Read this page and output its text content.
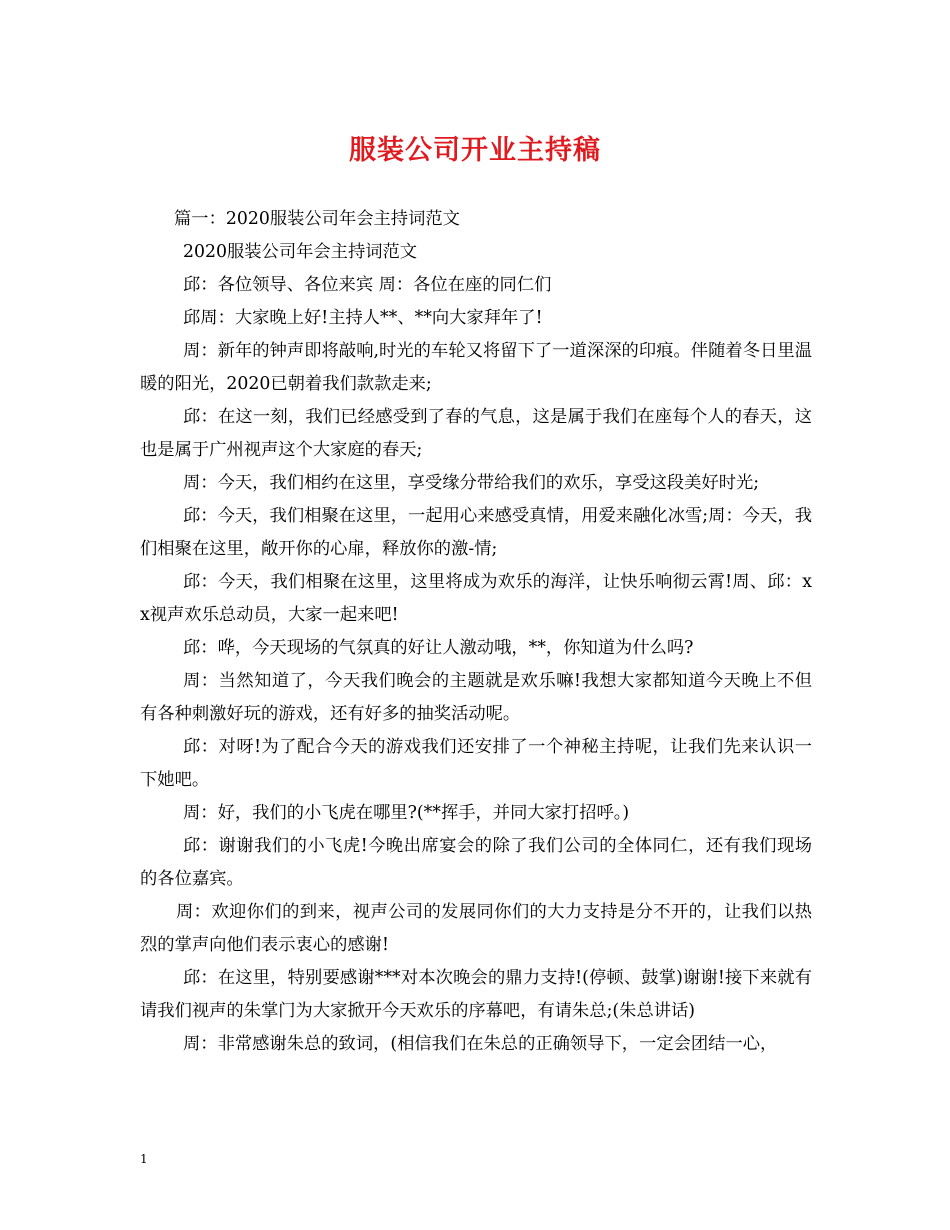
服装公司开业主持稿

篇一：2020服装公司年会主持词范文

2020服装公司年会主持词范文

邱：各位领导、各位来宾 周：各位在座的同仁们

邱周：大家晚上好!主持人**、**向大家拜年了!

周：新年的钟声即将敲响,时光的车轮又将留下了一道深深的印痕。伴随着冬日里温暖的阳光，2020已朝着我们款款走来;

邱：在这一刻，我们已经感受到了春的气息，这是属于我们在座每个人的春天，这也是属于广州视声这个大家庭的春天;

周：今天，我们相约在这里，享受缘分带给我们的欢乐，享受这段美好时光;

邱：今天，我们相聚在这里，一起用心来感受真情，用爱来融化冰雪;周：今天，我们相聚在这里，敞开你的心扉，释放你的激-情;

邱：今天，我们相聚在这里，这里将成为欢乐的海洋，让快乐响彻云霄!周、邱：xx视声欢乐总动员，大家一起来吧!

邱：哗，今天现场的气氛真的好让人激动哦，**，你知道为什么吗?

周：当然知道了，今天我们晚会的主题就是欢乐嘛!我想大家都知道今天晚上不但有各种刺激好玩的游戏，还有好多的抽奖活动呢。

邱：对呀!为了配合今天的游戏我们还安排了一个神秘主持呢，让我们先来认识一下她吧。

周：好，我们的小飞虎在哪里?(**挥手，并同大家打招呼。)

邱：谢谢我们的小飞虎!今晚出席宴会的除了我们公司的全体同仁，还有我们现场的各位嘉宾。

周：欢迎你们的到来，视声公司的发展同你们的大力支持是分不开的，让我们以热烈的掌声向他们表示衷心的感谢!

邱：在这里，特别要感谢***对本次晚会的鼎力支持!(停顿、鼓掌)谢谢!接下来就有请我们视声的朱掌门为大家掀开今天欢乐的序幕吧，有请朱总;(朱总讲话)

周：非常感谢朱总的致词，(相信我们在朱总的正确领导下，一定会团结一心，

1
